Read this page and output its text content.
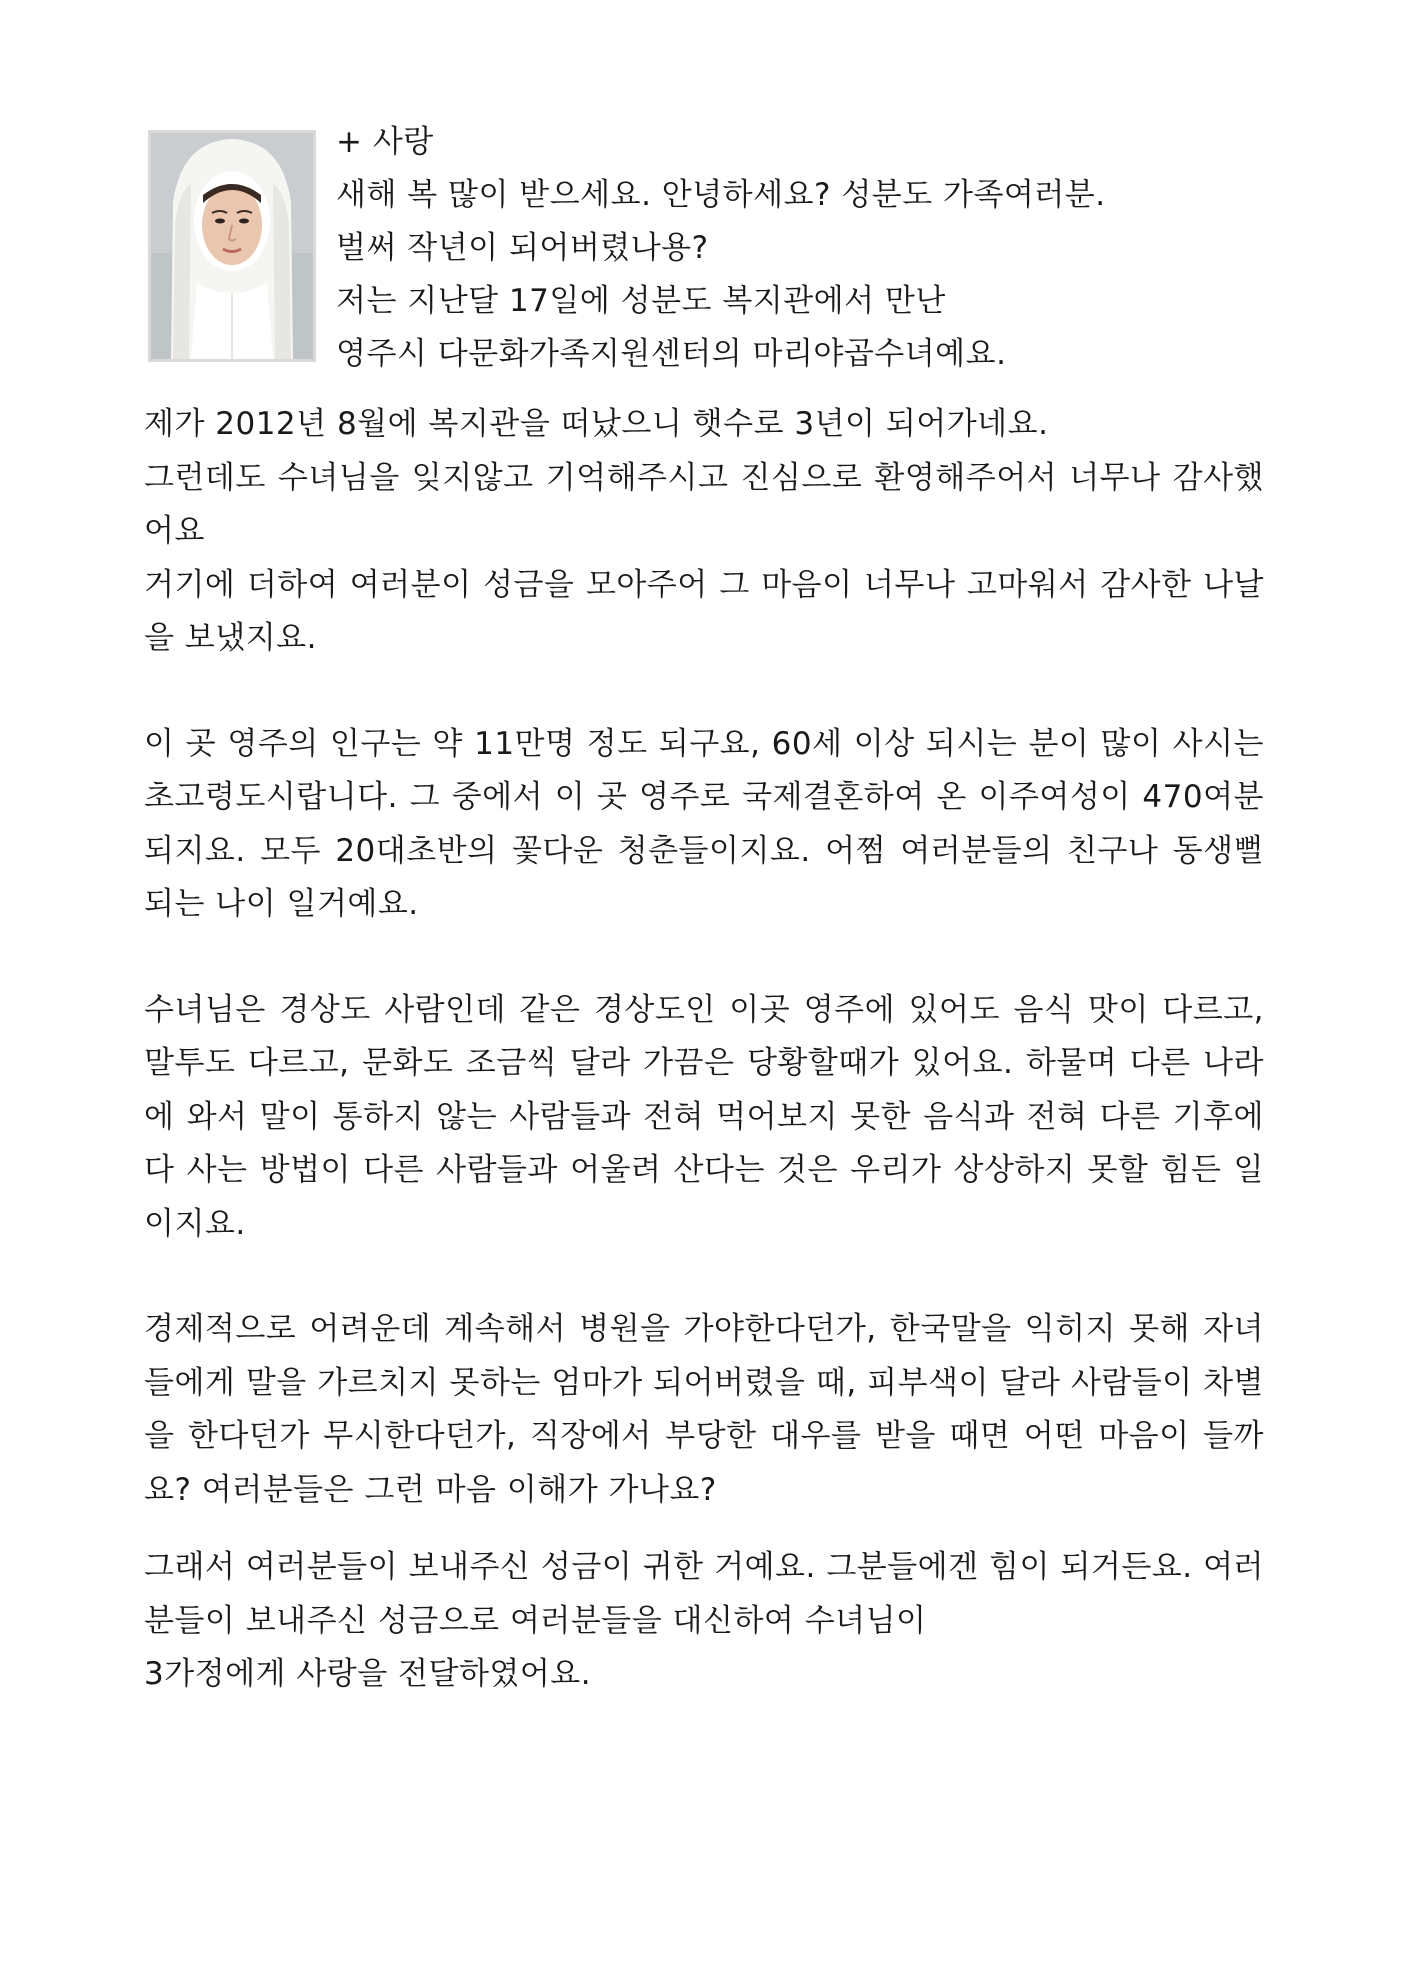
+ 사랑
새해 복 많이 받으세요. 안녕하세요? 성분도 가족여러분.
벌써 작년이 되어버렸나용?
저는 지난달 17일에 성분도 복지관에서 만난
영주시 다문화가족지원센터의 마리야곱수녀예요.

제가 2012년 8월에 복지관을 떠났으니 햇수로 3년이 되어가네요.

그런데도 수녀님을 잊지않고 기억해주시고 진심으로 환영해주어서 너무나 감사했어요

거기에 더하여 여러분이 성금을 모아주어 그 마음이 너무나 고마워서 감사한 나날을 보냈지요.

이 곳 영주의 인구는 약 11만명 정도 되구요, 60세 이상 되시는 분이 많이 사시는 초고령도시랍니다. 그 중에서 이 곳 영주로 국제결혼하여 온 이주여성이 470여분 되지요. 모두 20대초반의 꽃다운 청춘들이지요. 어쩜 여러분들의 친구나 동생뻘 되는 나이 일거예요.

수녀님은 경상도 사람인데 같은 경상도인 이곳 영주에 있어도 음식 맛이 다르고, 말투도 다르고, 문화도 조금씩 달라 가끔은 당황할때가 있어요. 하물며 다른 나라에 와서 말이 통하지 않는 사람들과 전혀 먹어보지 못한 음식과 전혀 다른 기후에다 사는 방법이 다른 사람들과 어울려 산다는 것은 우리가 상상하지 못할 힘든 일이지요.

경제적으로 어려운데 계속해서 병원을 가야한다던가, 한국말을 익히지 못해 자녀들에게 말을 가르치지 못하는 엄마가 되어버렸을 때, 피부색이 달라 사람들이 차별을 한다던가 무시한다던가, 직장에서 부당한 대우를 받을 때면 어떤 마음이 들까요? 여러분들은 그런 마음 이해가 가나요?

그래서 여러분들이 보내주신 성금이 귀한 거예요. 그분들에겐 힘이 되거든요. 여러분들이 보내주신 성금으로 여러분들을 대신하여 수녀님이

3가정에게 사랑을 전달하였어요.
